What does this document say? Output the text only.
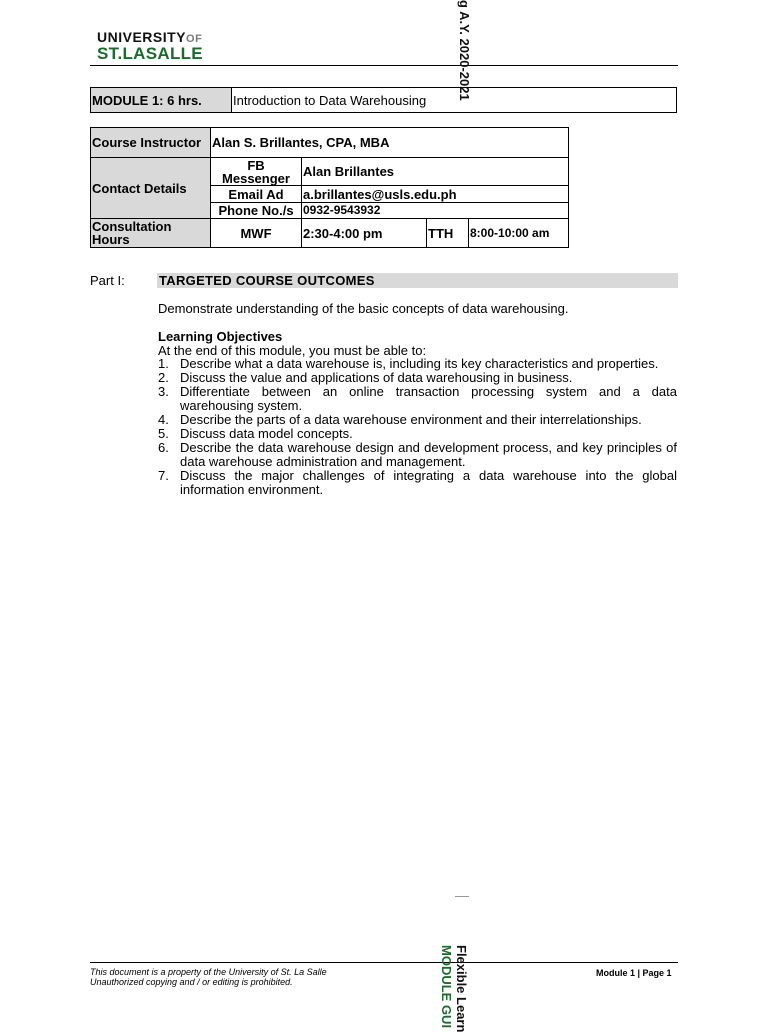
UNIVERSITYOF
ST.LASALLE	g A.Y. 2020-2021
MODULE 1: 6 hrs.	Introduction to Data Warehousing
Course Instructor	Alan S. Brillantes, CPA, MBA			
Contact Details	FB Messenger	Alan Brillantes		
	Email Ad	a.brillantes@usls.edu.ph		
	Phone No./s	0932-9543932		
Consultation Hours	MWF	2:30-4:00 pm	TTH	8:00-10:00 am
Part I:	TARGETED COURSE OUTCOMES
Demonstrate understanding of the basic concepts of data warehousing.
Learning Objectives
At the end of this module, you must be able to:
1. Describe what a data warehouse is, including its key characteristics and properties.
2. Discuss the value and applications of data warehousing in business.
3. Differentiate between an online transaction processing system and a data warehousing system.
4. Describe the parts of a data warehouse environment and their interrelationships.
5. Discuss data model concepts.
6. Describe the data warehouse design and development process, and key principles of data warehouse administration and management.
7. Discuss the major challenges of integrating a data warehouse into the global information environment.
This document is a property of the University of St. La Salle
Unauthorized copying and / or editing is prohibited.
Module 1 | Page 1
Flexible Learn
MODULE GUI
